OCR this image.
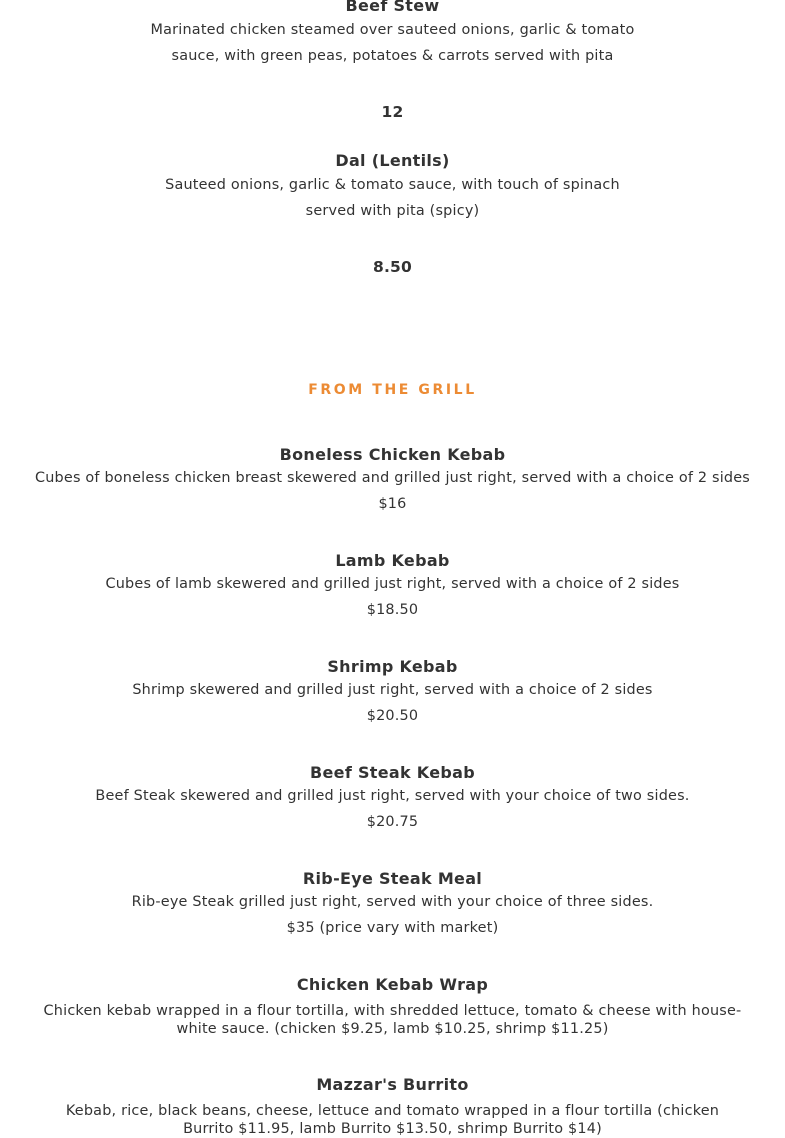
Beef Stew
Marinated chicken steamed over sauteed onions, garlic & tomato
sauce, with green peas, potatoes & carrots served with pita
12
Dal (Lentils)
Sauteed onions, garlic & tomato sauce, with touch of spinach
served with pita (spicy)
8.50
FROM THE GRILL
Boneless Chicken Kebab
Cubes of boneless chicken breast skewered and grilled just right, served with a choice of 2 sides
$16
Lamb Kebab
Cubes of lamb skewered and grilled just right, served with a choice of 2 sides
$18.50
Shrimp Kebab
Shrimp skewered and grilled just right, served with a choice of 2 sides
$20.50
Beef Steak Kebab
Beef Steak skewered and grilled just right, served with your choice of two sides.
$20.75
Rib-Eye Steak Meal
Rib-eye Steak grilled just right, served with your choice of three sides.
$35 (price vary with market)
Chicken Kebab Wrap
Chicken kebab wrapped in a flour tortilla, with shredded lettuce, tomato & cheese with house-white sauce. (chicken $9.25, lamb $10.25, shrimp $11.25)
Mazzar's Burrito
Kebab, rice, black beans, cheese, lettuce and tomato wrapped in a flour tortilla (chicken Burrito $11.95, lamb Burrito $13.50, shrimp Burrito $14)
